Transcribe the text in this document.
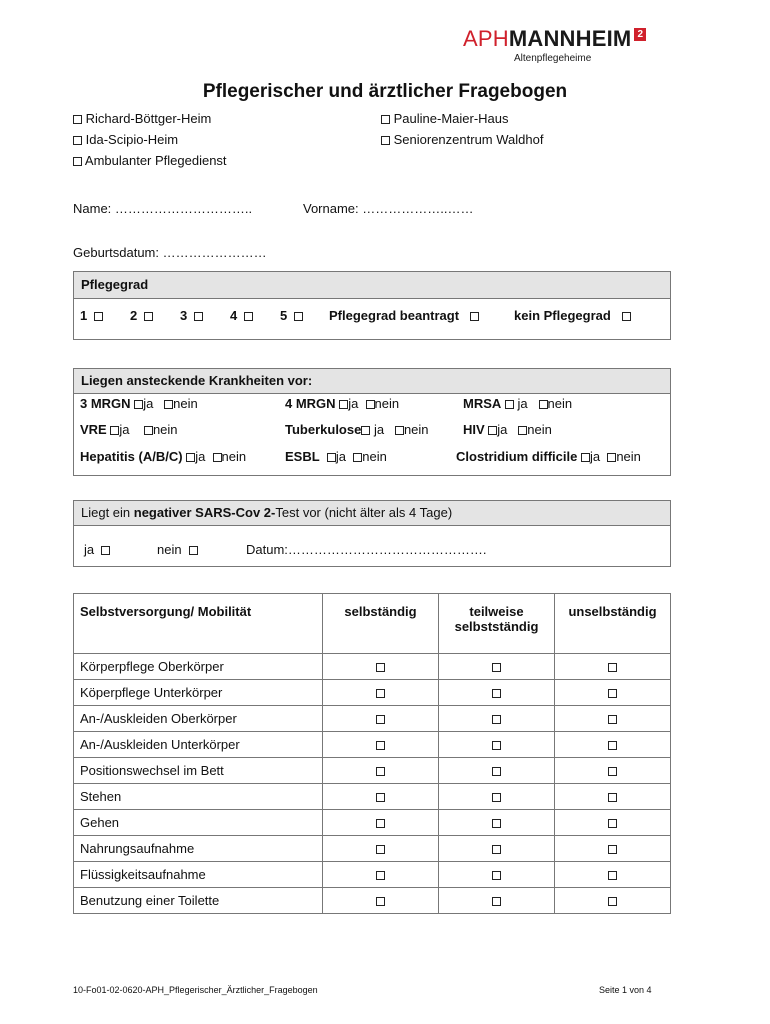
APHMANNHEIM 2
Altenpflegeheime
Pflegerischer und ärztlicher Fragebogen
Richard-Böttger-Heim
Ida-Scipio-Heim
Ambulanter Pflegedienst
Pauline-Maier-Haus
Seniorenzentrum Waldhof
Name: …………………………..	Vorname: ………………..……
Geburtsdatum: ……………………
Pflegegrad
1	2	3	4	5	Pflegegrad beantragt	kein Pflegegrad
Liegen ansteckende Krankheiten vor:
3 MRGN ja nein	4 MRGN ja nein	MRSA ja nein
VRE ja nein	Tuberkulose ja nein	HIV ja nein
Hepatitis (A/B/C) ja nein	ESBL ja nein	Clostridium difficile ja nein
Liegt ein negativer SARS-Cov 2-Test vor (nicht älter als 4 Tage)
ja	nein	Datum:……………………………………….
Selbstversorgung/ Mobilität	selbständig	teilweise selbstständig	unselbständig
Körperpflege Oberkörper			
Köperpflege Unterkörper			
An-/Auskleiden Oberkörper			
An-/Auskleiden Unterkörper			
Positionswechsel im Bett			
Stehen			
Gehen			
Nahrungsaufnahme			
Flüssigkeitsaufnahme			
Benutzung einer Toilette			
10-Fo01-02-0620-APH_Pflegerischer_Ärztlicher_Fragebogen	Seite 1 von 4
